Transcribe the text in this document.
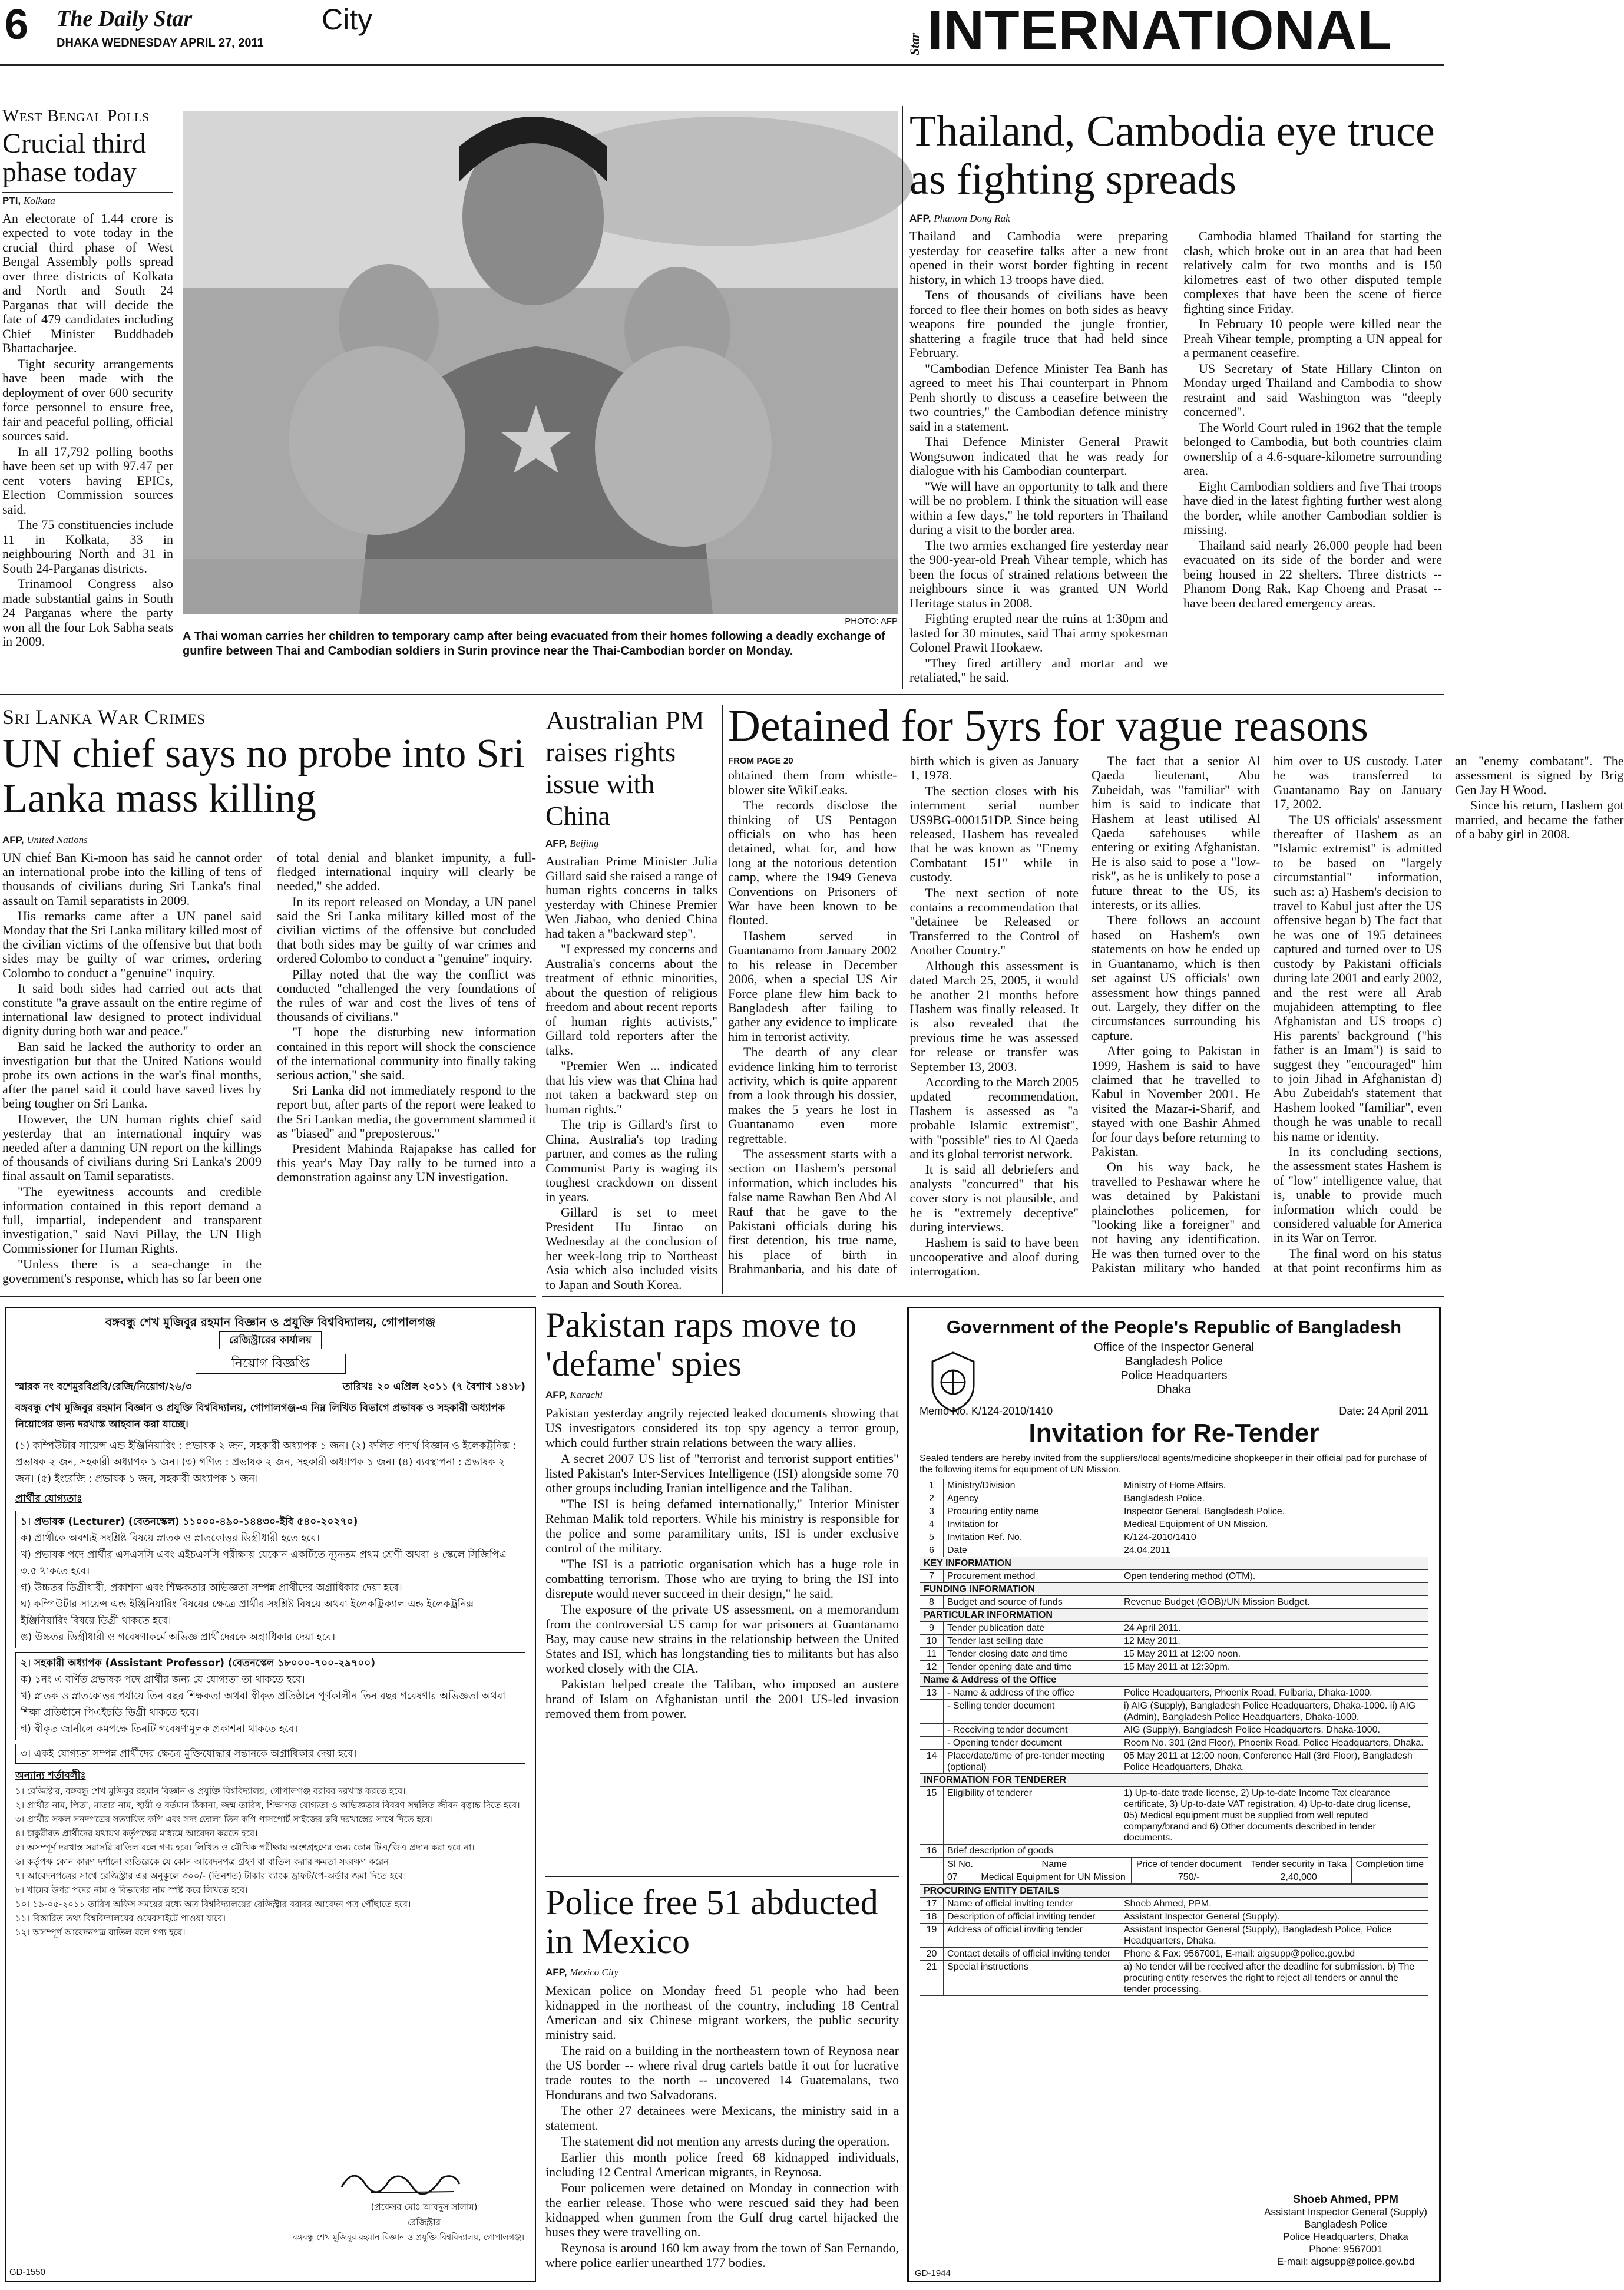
6 The Daily Star
DHAKA WEDNESDAY APRIL 27, 2011
City
Star INTERNATIONAL
West Bengal Polls
Crucial third phase today
PTI, Kolkata

An electorate of 1.44 crore is expected to vote today in the crucial third phase of West Bengal Assembly polls spread over three districts of Kolkata and North and South 24 Parganas that will decide the fate of 479 candidates including Chief Minister Buddhadeb Bhattacharjee.

Tight security arrangements have been made with the deployment of over 600 security force personnel to ensure free, fair and peaceful polling, official sources said.

In all 17,792 polling booths have been set up with 97.47 per cent voters having EPICs, Election Commission sources said.

The 75 constituencies include 11 in Kolkata, 33 in neighbouring North and 31 in South 24-Parganas districts.

Trinamool Congress also made substantial gains in South 24 Parganas where the party won all the four Lok Sabha seats in 2009.

PHOTO: AFP
A Thai woman carries her children to temporary camp after being evacuated from their homes following a deadly exchange of gunfire between Thai and Cambodian soldiers in Surin province near the Thai-Cambodian border on Monday.
Thailand, Cambodia eye truce as fighting spreads
AFP, Phanom Dong Rak

Thailand and Cambodia were preparing yesterday for ceasefire talks after a new front opened in their worst border fighting in recent history, in which 13 troops have died.

Tens of thousands of civilians have been forced to flee their homes on both sides as heavy weapons fire pounded the jungle frontier, shattering a fragile truce that had held since February.

"Cambodian Defence Minister Tea Banh has agreed to meet his Thai counterpart in Phnom Penh shortly to discuss a ceasefire between the two countries," the Cambodian defence ministry said in a statement.

Thai Defence Minister General Prawit Wongsuwon indicated that he was ready for dialogue with his Cambodian counterpart.

"We will have an opportunity to talk and there will be no problem. I think the situation will ease within a few days," he told reporters in Thailand during a visit to the border area.

The two armies exchanged fire yesterday near the 900-year-old Preah Vihear temple, which has been the focus of strained relations between the neighbours since it was granted UN World Heritage status in 2008.

Fighting erupted near the ruins at 1:30pm and lasted for 30 minutes, said Thai army spokesman Colonel Prawit Hookaew.

"They fired artillery and mortar and we retaliated," he said.

Cambodia blamed Thailand for starting the clash, which broke out in an area that had been relatively calm for two months and is 150 kilometres east of two other disputed temple complexes that have been the scene of fierce fighting since Friday.

In February 10 people were killed near the Preah Vihear temple, prompting a UN appeal for a permanent ceasefire.

US Secretary of State Hillary Clinton on Monday urged Thailand and Cambodia to show restraint and said Washington was "deeply concerned".

The World Court ruled in 1962 that the temple belonged to Cambodia, but both countries claim ownership of a 4.6-square-kilometre surrounding area.

Eight Cambodian soldiers and five Thai troops have died in the latest fighting further west along the border, while another Cambodian soldier is missing.

Thailand said nearly 26,000 people had been evacuated on its side of the border and were being housed in 22 shelters. Three districts -- Phanom Dong Rak, Kap Choeng and Prasat -- have been declared emergency areas.

Sri Lanka War Crimes
UN chief says no probe into Sri Lanka mass killing
AFP, United Nations

UN chief Ban Ki-moon has said he cannot order an international probe into the killing of tens of thousands of civilians during Sri Lanka's final assault on Tamil separatists in 2009.

His remarks came after a UN panel said Monday that the Sri Lanka military killed most of the civilian victims of the offensive but that both sides may be guilty of war crimes, ordering Colombo to conduct a "genuine" inquiry.

It said both sides had carried out acts that constitute "a grave assault on the entire regime of international law designed to protect individual dignity during both war and peace."

Ban said he lacked the authority to order an investigation but that the United Nations would probe its own actions in the war's final months, after the panel said it could have saved lives by being tougher on Sri Lanka.

However, the UN human rights chief said yesterday that an international inquiry was needed after a damning UN report on the killings of thousands of civilians during Sri Lanka's 2009 final assault on Tamil separatists.

"The eyewitness accounts and credible information contained in this report demand a full, impartial, independent and transparent investigation," said Navi Pillay, the UN High Commissioner for Human Rights.

"Unless there is a sea-change in the government's response, which has so far been one of total denial and blanket impunity, a full-fledged international inquiry will clearly be needed," she added.

In its report released on Monday, a UN panel said the Sri Lanka military killed most of the civilian victims of the offensive but concluded that both sides may be guilty of war crimes and ordered Colombo to conduct a "genuine" inquiry.

Pillay noted that the way the conflict was conducted "challenged the very foundations of the rules of war and cost the lives of tens of thousands of civilians."

"I hope the disturbing new information contained in this report will shock the conscience of the international community into finally taking serious action," she said.

Sri Lanka did not immediately respond to the report but, after parts of the report were leaked to the Sri Lankan media, the government slammed it as "biased" and "preposterous."

President Mahinda Rajapakse has called for this year's May Day rally to be turned into a demonstration against any UN investigation.

Australian PM raises rights issue with China
AFP, Beijing

Australian Prime Minister Julia Gillard said she raised a range of human rights concerns in talks yesterday with Chinese Premier Wen Jiabao, who denied China had taken a "backward step".

"I expressed my concerns and Australia's concerns about the treatment of ethnic minorities, about the question of religious freedom and about recent reports of human rights activists," Gillard told reporters after the talks.

"Premier Wen ... indicated that his view was that China had not taken a backward step on human rights."

The trip is Gillard's first to China, Australia's top trading partner, and comes as the ruling Communist Party is waging its toughest crackdown on dissent in years.

Gillard is set to meet President Hu Jintao on Wednesday at the conclusion of her week-long trip to Northeast Asia which also included visits to Japan and South Korea.

Detained for 5yrs for vague reasons
FROM PAGE 20

obtained them from whistle-blower site WikiLeaks.

The records disclose the thinking of US Pentagon officials on who has been detained, what for, and how long at the notorious detention camp, where the 1949 Geneva Conventions on Prisoners of War have been known to be flouted.

Hashem served in Guantanamo from January 2002 to his release in December 2006, when a special US Air Force plane flew him back to Bangladesh after failing to gather any evidence to implicate him in terrorist activity.

The dearth of any clear evidence linking him to terrorist activity, which is quite apparent from a look through his dossier, makes the 5 years he lost in Guantanamo even more regrettable.

The assessment starts with a section on Hashem's personal information, which includes his false name Rawhan Ben Abd Al Rauf that he gave to the Pakistani officials during his first detention, his true name, his place of birth in Brahmanbaria, and his date of birth which is given as January 1, 1978.

The section closes with his internment serial number US9BG-000151DP. Since being released, Hashem has revealed that he was known as "Enemy Combatant 151" while in custody.

The next section of note contains a recommendation that "detainee be Released or Transferred to the Control of Another Country."

Although this assessment is dated March 25, 2005, it would be another 21 months before Hashem was finally released. It is also revealed that the previous time he was assessed for release or transfer was September 13, 2003.

According to the March 2005 updated recommendation, Hashem is assessed as "a probable Islamic extremist", with "possible" ties to Al Qaeda and its global terrorist network.

It is said all debriefers and analysts "concurred" that his cover story is not plausible, and he is "extremely deceptive" during interviews.

Hashem is said to have been uncooperative and aloof during interrogation.

The fact that a senior Al Qaeda lieutenant, Abu Zubeidah, was "familiar" with him is said to indicate that Hashem at least utilised Al Qaeda safehouses while entering or exiting Afghanistan. He is also said to pose a "low-risk", as he is unlikely to pose a future threat to the US, its interests, or its allies.

There follows an account based on Hashem's own statements on how he ended up in Guantanamo, which is then set against US officials' own assessment how things panned out. Largely, they differ on the circumstances surrounding his capture.

After going to Pakistan in 1999, Hashem is said to have claimed that he travelled to Kabul in November 2001. He visited the Mazar-i-Sharif, and stayed with one Bashir Ahmed for four days before returning to Pakistan.

On his way back, he travelled to Peshawar where he was detained by Pakistani plainclothes policemen, for "looking like a foreigner" and not having any identification. He was then turned over to the Pakistan military who handed him over to US custody. Later he was transferred to Guantanamo Bay on January 17, 2002.

The US officials' assessment thereafter of Hashem as an "Islamic extremist" is admitted to be based on "largely circumstantial" information, such as: a) Hashem's decision to travel to Kabul just after the US offensive began b) The fact that he was one of 195 detainees captured and turned over to US custody by Pakistani officials during late 2001 and early 2002, and the rest were all Arab mujahideen attempting to flee Afghanistan and US troops c) His parents' background ("his father is an Imam") is said to suggest they "encouraged" him to join Jihad in Afghanistan d) Abu Zubeidah's statement that Hashem looked "familiar", even though he was unable to recall his name or identity.

In its concluding sections, the assessment states Hashem is of "low" intelligence value, that is, unable to provide much information which could be considered valuable for America in its War on Terror.

The final word on his status at that point reconfirms him as an "enemy combatant". The assessment is signed by Brig Gen Jay H Wood.

Since his return, Hashem got married, and became the father of a baby girl in 2008.

বঙ্গবন্ধু শেখ মুজিবুর রহমান বিজ্ঞান ও প্রযুক্তি বিশ্ববিদ্যালয়, গোপালগঞ্জ
রেজিস্ট্রারের কার্যালয়
নিয়োগ বিজ্ঞপ্তি
স্মারক নং বশেমুরবিপ্রবি/রেজি/নিয়োগ/২৬/৩	তারিখঃ ২০ এপ্রিল ২০১১ (৭ বৈশাখ ১৪১৮)
বঙ্গবন্ধু শেখ মুজিবুর রহমান বিজ্ঞান ও প্রযুক্তি বিশ্ববিদ্যালয়, গোপালগঞ্জ-এ নিম্ন লিখিত বিভাগে প্রভাষক ও সহকারী অধ্যাপক নিয়োগের জন্য দরখাস্ত আহবান করা যাচ্ছে।
(১) কম্পিউটার সায়েন্স এন্ড ইঞ্জিনিয়ারিং : প্রভাষক ২ জন, সহকারী অধ্যাপক ১ জন। (২) ফলিত পদার্থ বিজ্ঞান ও ইলেকট্রনিক্স : প্রভাষক ২ জন, সহকারী অধ্যাপক ১ জন। (৩) গণিত : প্রভাষক ২ জন, সহকারী অধ্যাপক ১ জন। (৪) ব্যবস্থাপনা : প্রভাষক ২ জন। (৫) ইংরেজি : প্রভাষক ১ জন, সহকারী অধ্যাপক ১ জন।
প্রার্থীর যোগ্যতাঃ
১। প্রভাষক (Lecturer) (বেতনস্কেল) ১১০০০-৪৯০-১৪৪৩০-ইবি ৫৪০-২০২৭০)
ক) প্রার্থীকে অবশ্যই সংশ্লিষ্ট বিষয়ে স্নাতক ও স্নাতকোত্তর ডিগ্রীধারী হতে হবে।
খ) প্রভাষক পদে প্রার্থীর এসএসসি এবং এইচএসসি পরীক্ষায় যেকোন একটিতে ন্যূনতম প্রথম শ্রেণী অথবা ৪ স্কেলে সিজিপিএ ৩.৫ থাকতে হবে।
গ) উচ্চতর ডিগ্রীধারী, প্রকাশনা এবং শিক্ষকতার অভিজ্ঞতা সম্পন্ন প্রার্থীদের অগ্রাধিকার দেয়া হবে।
ঘ) কম্পিউটার সায়েন্স এন্ড ইঞ্জিনিয়ারিং বিষয়ের ক্ষেত্রে প্রার্থীর সংশ্লিষ্ট বিষয়ে অথবা ইলেকট্রিক্যাল এন্ড ইলেকট্রনিক্স ইঞ্জিনিয়ারিং বিষয়ে ডিগ্রী থাকতে হবে।
ঙ) উচ্চতর ডিগ্রীধারী ও গবেষণাকর্মে অভিজ্ঞ প্রার্থীদেরকে অগ্রাধিকার দেয়া হবে।
২। সহকারী অধ্যাপক (Assistant Professor) (বেতনস্কেল ১৮০০০-৭০০-২৯৭০০)
ক) ১নং এ বর্ণিত প্রভাষক পদে প্রার্থীর জন্য যে যোগ্যতা তা থাকতে হবে।
খ) স্নাতক ও স্নাতকোত্তর পর্যায়ে তিন বছর শিক্ষকতা অথবা স্বীকৃত প্রতিষ্ঠানে পূর্ণকালীন তিন বছর গবেষণার অভিজ্ঞতা অথবা শিক্ষা প্রতিষ্ঠানে পিএইচডি ডিগ্রী থাকতে হবে।
গ) স্বীকৃত জার্নালে কমপক্ষে তিনটি গবেষণামূলক প্রকাশনা থাকতে হবে।
৩। একই যোগ্যতা সম্পন্ন প্রার্থীদের ক্ষেত্রে মুক্তিযোদ্ধার সন্তানকে অগ্রাধিকার দেয়া হবে।
অন্যান্য শর্তাবলীঃ
১। রেজিস্ট্রার, বঙ্গবন্ধু শেখ মুজিবুর রহমান বিজ্ঞান ও প্রযুক্তি বিশ্ববিদ্যালয়, গোপালগঞ্জ বরাবর দরখাস্ত করতে হবে।
২। প্রার্থীর নাম, পিতা, মাতার নাম, স্থায়ী ও বর্তমান ঠিকানা, জন্ম তারিখ, শিক্ষাগত যোগ্যতা ও অভিজ্ঞতার বিবরণ সম্বলিত জীবন বৃত্তান্ত দিতে হবে।
৩। প্রার্থীর সকল সনদপত্রের সত্যায়িত কপি এবং সদ্য তোলা তিন কপি পাসপোর্ট সাইজের ছবি দরখাস্তের সাথে দিতে হবে।
৪। চাকুরীরত প্রার্থীদের যথাযথ কর্তৃপক্ষের মাধ্যমে আবেদন করতে হবে।
৫। অসম্পূর্ণ দরখাস্ত সরাসরি বাতিল বলে গণ্য হবে। লিখিত ও মৌখিক পরীক্ষায় অংশগ্রহণের জন্য কোন টিএ/ডিএ প্রদান করা হবে না।
৬। কর্তৃপক্ষ কোন কারণ দর্শানো ব্যতিরেকে যে কোন আবেদনপত্র গ্রহণ বা বাতিল করার ক্ষমতা সংরক্ষণ করেন।
৭। আবেদনপত্রের সাথে রেজিস্ট্রার এর অনুকূলে ৩০০/- (তিনশত) টাকার ব্যাংক ড্রাফট/পে-অর্ডার জমা দিতে হবে।
৮। খামের উপর পদের নাম ও বিভাগের নাম স্পষ্ট করে লিখতে হবে।
১০। ১৯-০৫-২০১১ তারিখ অফিস সময়ের মধ্যে অত্র বিশ্ববিদ্যালয়ের রেজিস্ট্রার বরাবর আবেদন পত্র পৌঁছাতে হবে।
১১। বিস্তারিত তথ্য বিশ্ববিদ্যালয়ের ওয়েবসাইটে পাওয়া যাবে।
১২। অসম্পূর্ণ আবেদনপত্র বাতিল বলে গণ্য হবে।
(প্রফেসর মোঃ আবদুস সালাম)
রেজিস্ট্রার
বঙ্গবন্ধু শেখ মুজিবুর রহমান বিজ্ঞান ও প্রযুক্তি বিশ্ববিদ্যালয়, গোপালগঞ্জ।
GD-1550
Pakistan raps move to 'defame' spies
AFP, Karachi

Pakistan yesterday angrily rejected leaked documents showing that US investigators considered its top spy agency a terror group, which could further strain relations between the wary allies.

A secret 2007 US list of "terrorist and terrorist support entities" listed Pakistan's Inter-Services Intelligence (ISI) alongside some 70 other groups including Iranian intelligence and the Taliban.

"The ISI is being defamed internationally," Interior Minister Rehman Malik told reporters. While his ministry is responsible for the police and some paramilitary units, ISI is under exclusive control of the military.

"The ISI is a patriotic organisation which has a huge role in combatting terrorism. Those who are trying to bring the ISI into disrepute would never succeed in their design," he said.

The exposure of the private US assessment, on a memorandum from the controversial US camp for war prisoners at Guantanamo Bay, may cause new strains in the relationship between the United States and ISI, which has longstanding ties to militants but has also worked closely with the CIA.

Pakistan helped create the Taliban, who imposed an austere brand of Islam on Afghanistan until the 2001 US-led invasion removed them from power.

Police free 51 abducted in Mexico
AFP, Mexico City

Mexican police on Monday freed 51 people who had been kidnapped in the northeast of the country, including 18 Central American and six Chinese migrant workers, the public security ministry said.

The raid on a building in the northeastern town of Reynosa near the US border -- where rival drug cartels battle it out for lucrative trade routes to the north -- uncovered 14 Guatemalans, two Hondurans and two Salvadorans.

The other 27 detainees were Mexicans, the ministry said in a statement.

The statement did not mention any arrests during the operation.

Earlier this month police freed 68 kidnapped individuals, including 12 Central American migrants, in Reynosa.

Four policemen were detained on Monday in connection with the earlier release. Those who were rescued said they had been kidnapped when gunmen from the Gulf drug cartel hijacked the buses they were travelling on.

Reynosa is around 160 km away from the town of San Fernando, where police earlier unearthed 177 bodies.

Government of the People's Republic of Bangladesh
Office of the Inspector General
Bangladesh Police
Police Headquarters
Dhaka
Memo No. K/124-2010/1410	Date: 24 April 2011
Invitation for Re-Tender
Sealed tenders are hereby invited from the suppliers/local agents/medicine shopkeeper in their official pad for purchase of the following items for equipment of UN Mission.
1	Ministry/Division	Ministry of Home Affairs.
2	Agency	Bangladesh Police.
3	Procuring entity name	Inspector General, Bangladesh Police.
4	Invitation for	Medical Equipment of UN Mission.
5	Invitation Ref. No.	K/124-2010/1410
6	Date	24.04.2011
KEY INFORMATION		
7	Procurement method	Open tendering method (OTM).
FUNDING INFORMATION		
8	Budget and source of funds	Revenue Budget (GOB)/UN Mission Budget.
PARTICULAR INFORMATION		
9	Tender publication date	24 April 2011.
10	Tender last selling date	12 May 2011.
11	Tender closing date and time	15 May 2011 at 12:00 noon.
12	Tender opening date and time	15 May 2011 at 12:30pm.
Name & Address of the Office		
13	- Name & address of the office	Police Headquarters, Phoenix Road, Fulbaria, Dhaka-1000.
	- Selling tender document	i) AIG (Supply), Bangladesh Police Headquarters, Dhaka-1000. ii) AIG (Admin), Bangladesh Police Headquarters, Dhaka-1000.
	- Receiving tender document	AIG (Supply), Bangladesh Police Headquarters, Dhaka-1000.
	- Opening tender document	Room No. 301 (2nd Floor), Phoenix Road, Police Headquarters, Dhaka.
14	Place/date/time of pre-tender meeting (optional)	05 May 2011 at 12:00 noon, Conference Hall (3rd Floor), Bangladesh Police Headquarters, Dhaka.
INFORMATION FOR TENDERER		
15	Eligibility of tenderer	1) Up-to-date trade license, 2) Up-to-date Income Tax clearance certificate, 3) Up-to-date VAT registration, 4) Up-to-date drug license, 05) Medical equipment must be supplied from well reputed company/brand and 6) Other documents described in tender documents.
16	Brief description of goods	
Sl No.	Name	Price of tender document	Tender security in Taka	Completion time
07	Medical Equipment for UN Mission	750/-	2,40,000	
PROCURING ENTITY DETAILS		
17	Name of official inviting tender	Shoeb Ahmed, PPM.
18	Description of official inviting tender	Assistant Inspector General (Supply).
19	Address of official inviting tender	Assistant Inspector General (Supply), Bangladesh Police, Police Headquarters, Dhaka.
20	Contact details of official inviting tender	Phone & Fax: 9567001, E-mail: aigsupp@police.gov.bd
21	Special instructions	a) No tender will be received after the deadline for submission. b) The procuring entity reserves the right to reject all tenders or annul the tender processing.
Shoeb Ahmed, PPM
Assistant Inspector General (Supply)
Bangladesh Police
Police Headquarters, Dhaka
Phone: 9567001
E-mail: aigsupp@police.gov.bd
GD-1944
